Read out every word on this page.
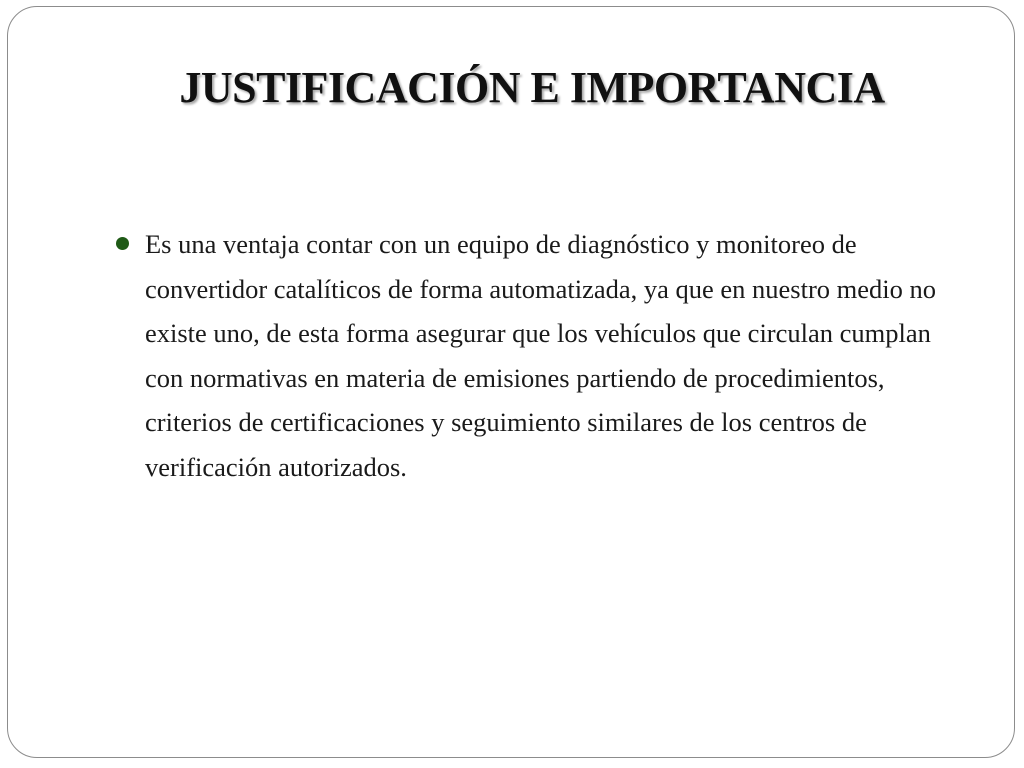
JUSTIFICACIÓN E IMPORTANCIA
Es una ventaja contar con un equipo de diagnóstico y monitoreo de convertidor catalíticos de forma automatizada, ya que en nuestro medio no existe uno, de esta forma asegurar que los vehículos que circulan cumplan con normativas en materia de emisiones partiendo de procedimientos, criterios de certificaciones y seguimiento similares de los centros de verificación autorizados.
